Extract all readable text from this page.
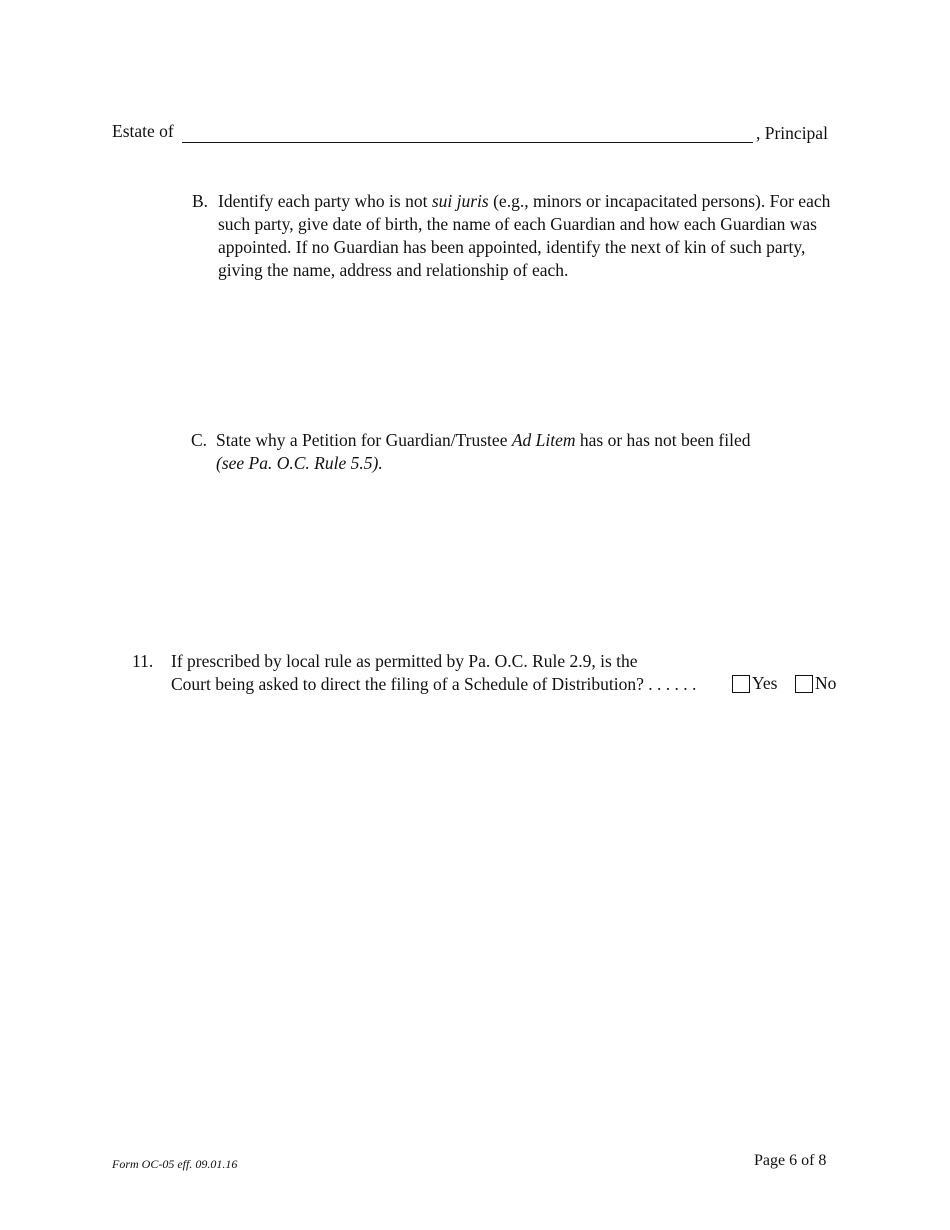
Estate of	, Principal
B. Identify each party who is not sui juris (e.g., minors or incapacitated persons). For each such party, give date of birth, the name of each Guardian and how each Guardian was appointed. If no Guardian has been appointed, identify the next of kin of such party, giving the name, address and relationship of each.
C. State why a Petition for Guardian/Trustee Ad Litem has or has not been filed
(see Pa. O.C. Rule 5.5).
11. If prescribed by local rule as permitted by Pa. O.C. Rule 2.9, is the
Court being asked to direct the filing of a Schedule of Distribution? . . . . . .	Yes No
Form OC-05 eff. 09.01.16	Page 6 of 8
